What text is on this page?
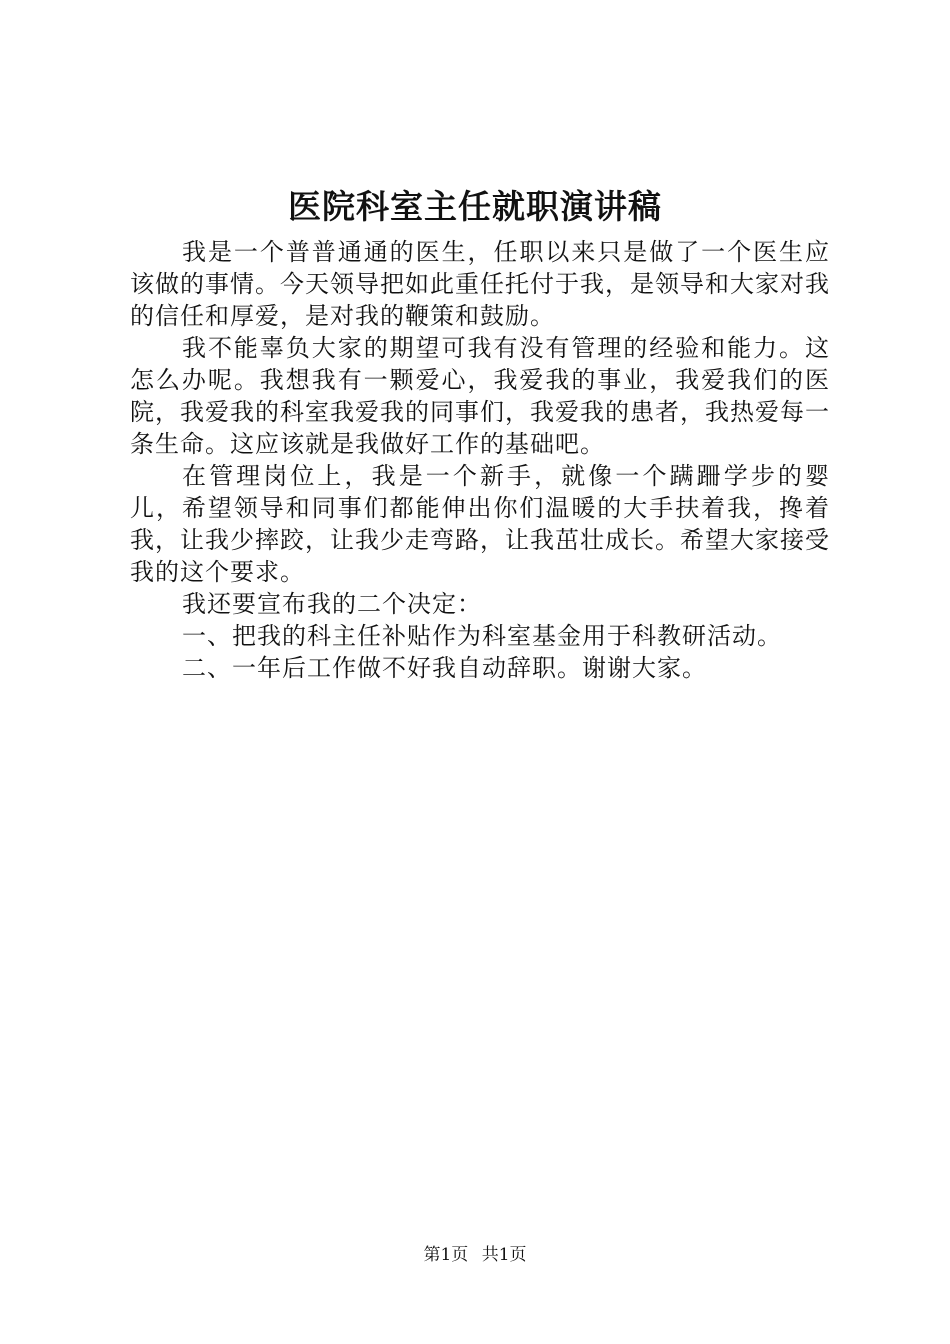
医院科室主任就职演讲稿

我是一个普普通通的医生，任职以来只是做了一个医生应该做的事情。今天领导把如此重任托付于我，是领导和大家对我的信任和厚爱，是对我的鞭策和鼓励。

我不能辜负大家的期望可我有没有管理的经验和能力。这怎么办呢。我想我有一颗爱心，我爱我的事业，我爱我们的医院，我爱我的科室我爱我的同事们，我爱我的患者，我热爱每一条生命。这应该就是我做好工作的基础吧。

在管理岗位上，我是一个新手，就像一个蹒跚学步的婴儿，希望领导和同事们都能伸出你们温暖的大手扶着我，搀着我，让我少摔跤，让我少走弯路，让我茁壮成长。希望大家接受我的这个要求。

我还要宣布我的二个决定：

一、把我的科主任补贴作为科室基金用于科教研活动。

二、一年后工作做不好我自动辞职。谢谢大家。

第1页 共1页
